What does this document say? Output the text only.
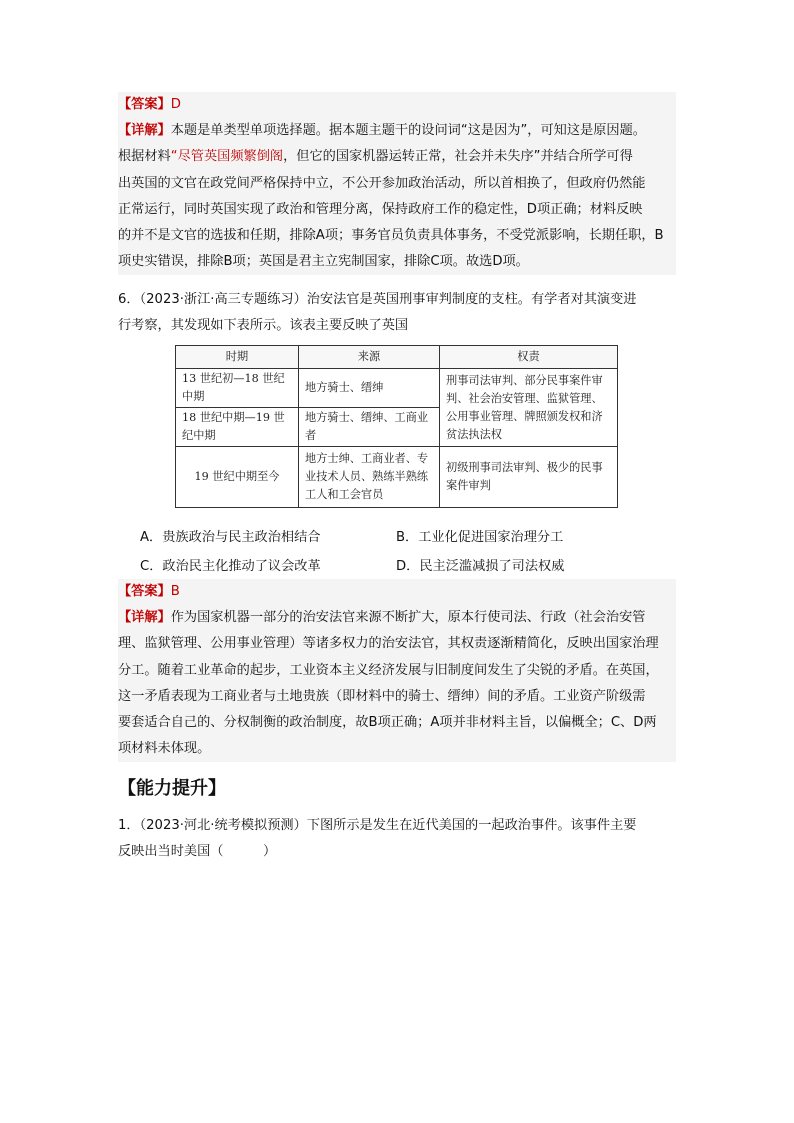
【答案】D
【详解】本题是单类型单项选择题。据本题主题干的设问词“这是因为”，可知这是原因题。
根据材料“尽管英国频繁倒阁，但它的国家机器运转正常，社会并未失序”并结合所学可得
出英国的文官在政党间严格保持中立，不公开参加政治活动，所以首相换了，但政府仍然能
正常运行，同时英国实现了政治和管理分离，保持政府工作的稳定性，D项正确；材料反映
的并不是文官的选拔和任期，排除A项；事务官员负责具体事务，不受党派影响，长期任职，B
项史实错误，排除B项；英国是君主立宪制国家，排除C项。故选D项。
6．（2023·浙江·高三专题练习）治安法官是英国刑事审判制度的支柱。有学者对其演变进
行考察，其发现如下表所示。该表主要反映了英国
时期	来源	权责
13 世纪初—18 世纪中期	地方骑士、缙绅	刑事司法审判、部分民事案件审判、社会治安管理、监狱管理、公用事业管理、牌照颁发权和济贫法执法权
18 世纪中期—19 世纪中期	地方骑士、缙绅、工商业者	
19 世纪中期至今	地方士绅、工商业者、专业技术人员、熟练半熟练工人和工会官员	初级刑事司法审判、极少的民事案件审判
A．贵族政治与民主政治相结合	B．工业化促进国家治理分工
C．政治民主化推动了议会改革	D．民主泛滥减损了司法权威
【答案】B
【详解】作为国家机器一部分的治安法官来源不断扩大，原本行使司法、行政（社会治安管
理、监狱管理、公用事业管理）等诸多权力的治安法官，其权责逐渐精简化，反映出国家治理
分工。随着工业革命的起步，工业资本主义经济发展与旧制度间发生了尖锐的矛盾。在英国，
这一矛盾表现为工商业者与土地贵族（即材料中的骑士、缙绅）间的矛盾。工业资产阶级需
要套适合自己的、分权制衡的政治制度，故B项正确；A项并非材料主旨，以偏概全；C、D两
项材料未体现。
【能力提升】
1．（2023·河北·统考模拟预测）下图所示是发生在近代美国的一起政治事件。该事件主要
反映出当时美国（　　　）
